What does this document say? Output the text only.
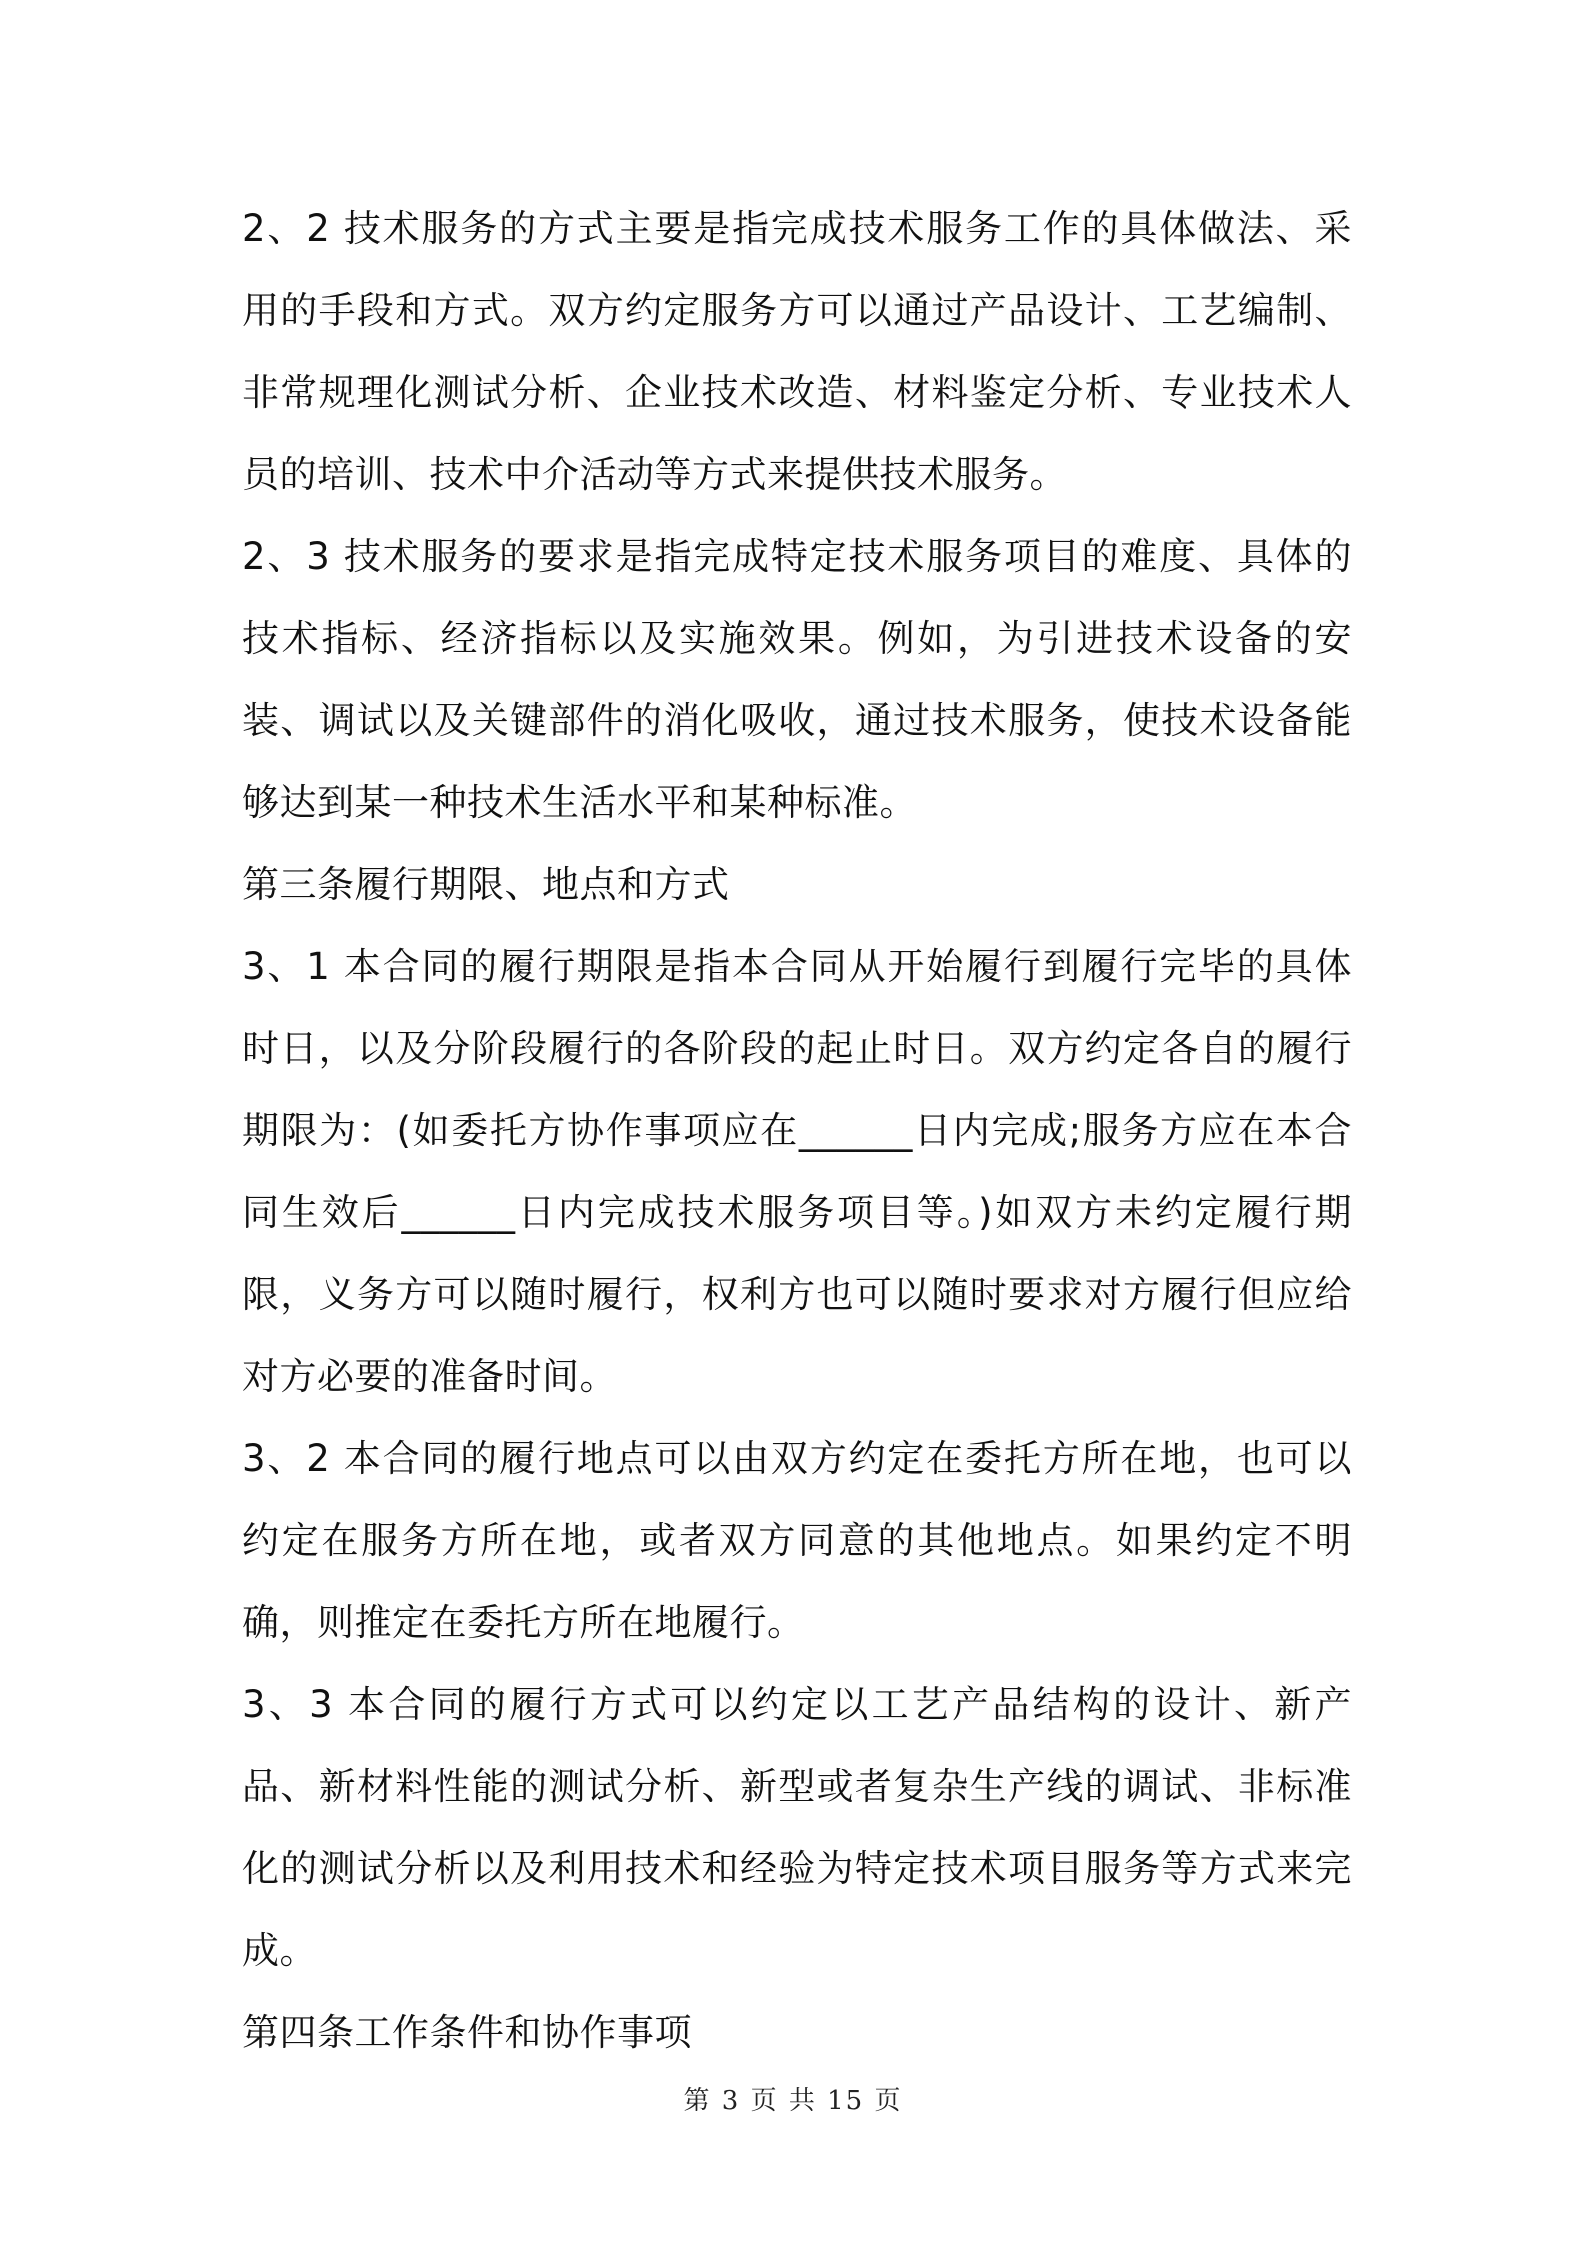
2、2 技术服务的方式主要是指完成技术服务工作的具体做法、采用的手段和方式。双方约定服务方可以通过产品设计、工艺编制、非常规理化测试分析、企业技术改造、材料鉴定分析、专业技术人员的培训、技术中介活动等方式来提供技术服务。

2、3 技术服务的要求是指完成特定技术服务项目的难度、具体的技术指标、经济指标以及实施效果。例如，为引进技术设备的安装、调试以及关键部件的消化吸收，通过技术服务，使技术设备能够达到某一种技术生活水平和某种标准。

第三条履行期限、地点和方式

3、1 本合同的履行期限是指本合同从开始履行到履行完毕的具体时日，以及分阶段履行的各阶段的起止时日。双方约定各自的履行期限为：(如委托方协作事项应在______日内完成;服务方应在本合同生效后______日内完成技术服务项目等。)如双方未约定履行期限，义务方可以随时履行，权利方也可以随时要求对方履行但应给对方必要的准备时间。

3、2 本合同的履行地点可以由双方约定在委托方所在地，也可以约定在服务方所在地，或者双方同意的其他地点。如果约定不明确，则推定在委托方所在地履行。

3、3 本合同的履行方式可以约定以工艺产品结构的设计、新产品、新材料性能的测试分析、新型或者复杂生产线的调试、非标准化的测试分析以及利用技术和经验为特定技术项目服务等方式来完成。

第四条工作条件和协作事项

第 3 页 共 15 页
